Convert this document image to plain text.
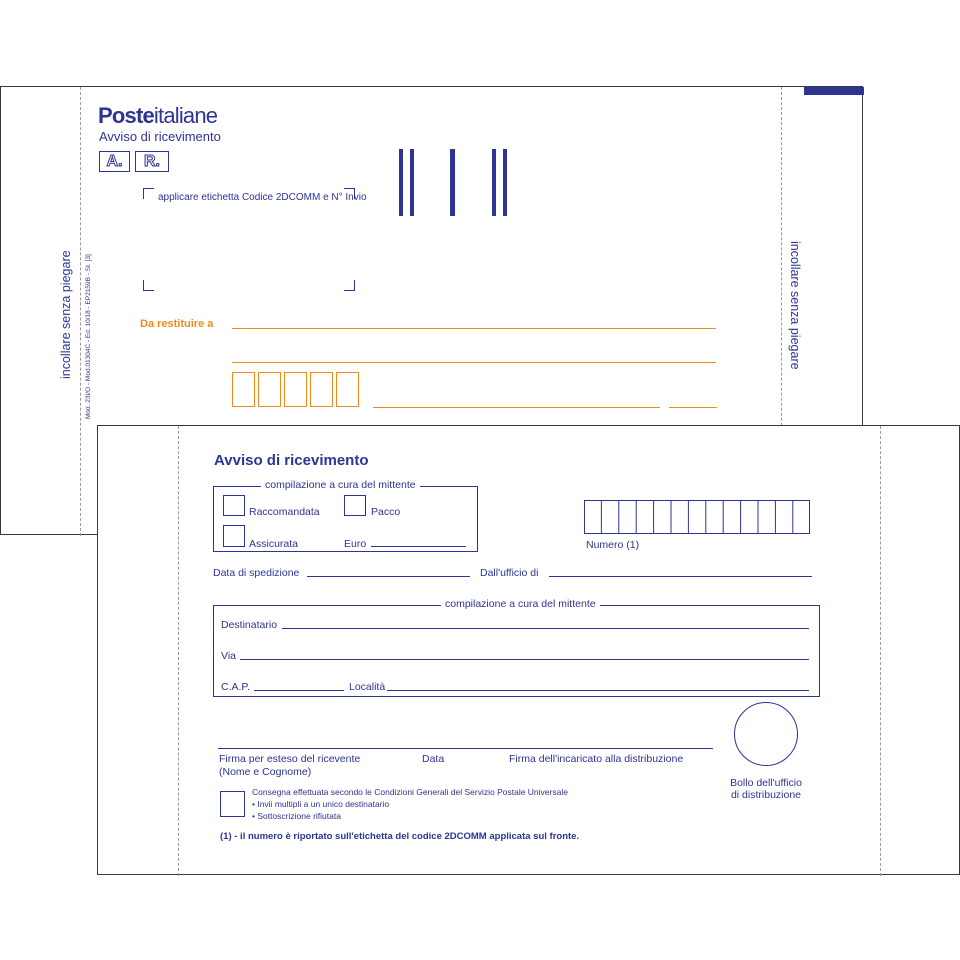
incollare senza piegare Mod. 23I/O - Mod.01304C - Ed. 10/18 - EP2159B - St. [3]	incollare senza piegare
Posteitaliane
Avviso di ricevimento
A. R.
applicare etichetta Codice 2DCOMM e N° Invio
Da restituire a
Avviso di ricevimento
compilazione a cura del mittente
Raccomandata	Pacco
Assicurata	Euro	Numero (1)
Data di spedizione	Dall'ufficio di
compilazione a cura del mittente
Destinatario
Via
C.A.P.	Località
Firma per esteso del ricevente
(Nome e Cognome)
Data	Firma dell'incaricato alla distribuzione
Bollo dell'ufficio
di distribuzione
Consegna effettuata secondo le Condizioni Generali del Servizio Postale Universale
• Invii multipli a un unico destinatario
• Sottoscrizione rifiutata
(1) - il numero è riportato sull'etichetta del codice 2DCOMM applicata sul fronte.
